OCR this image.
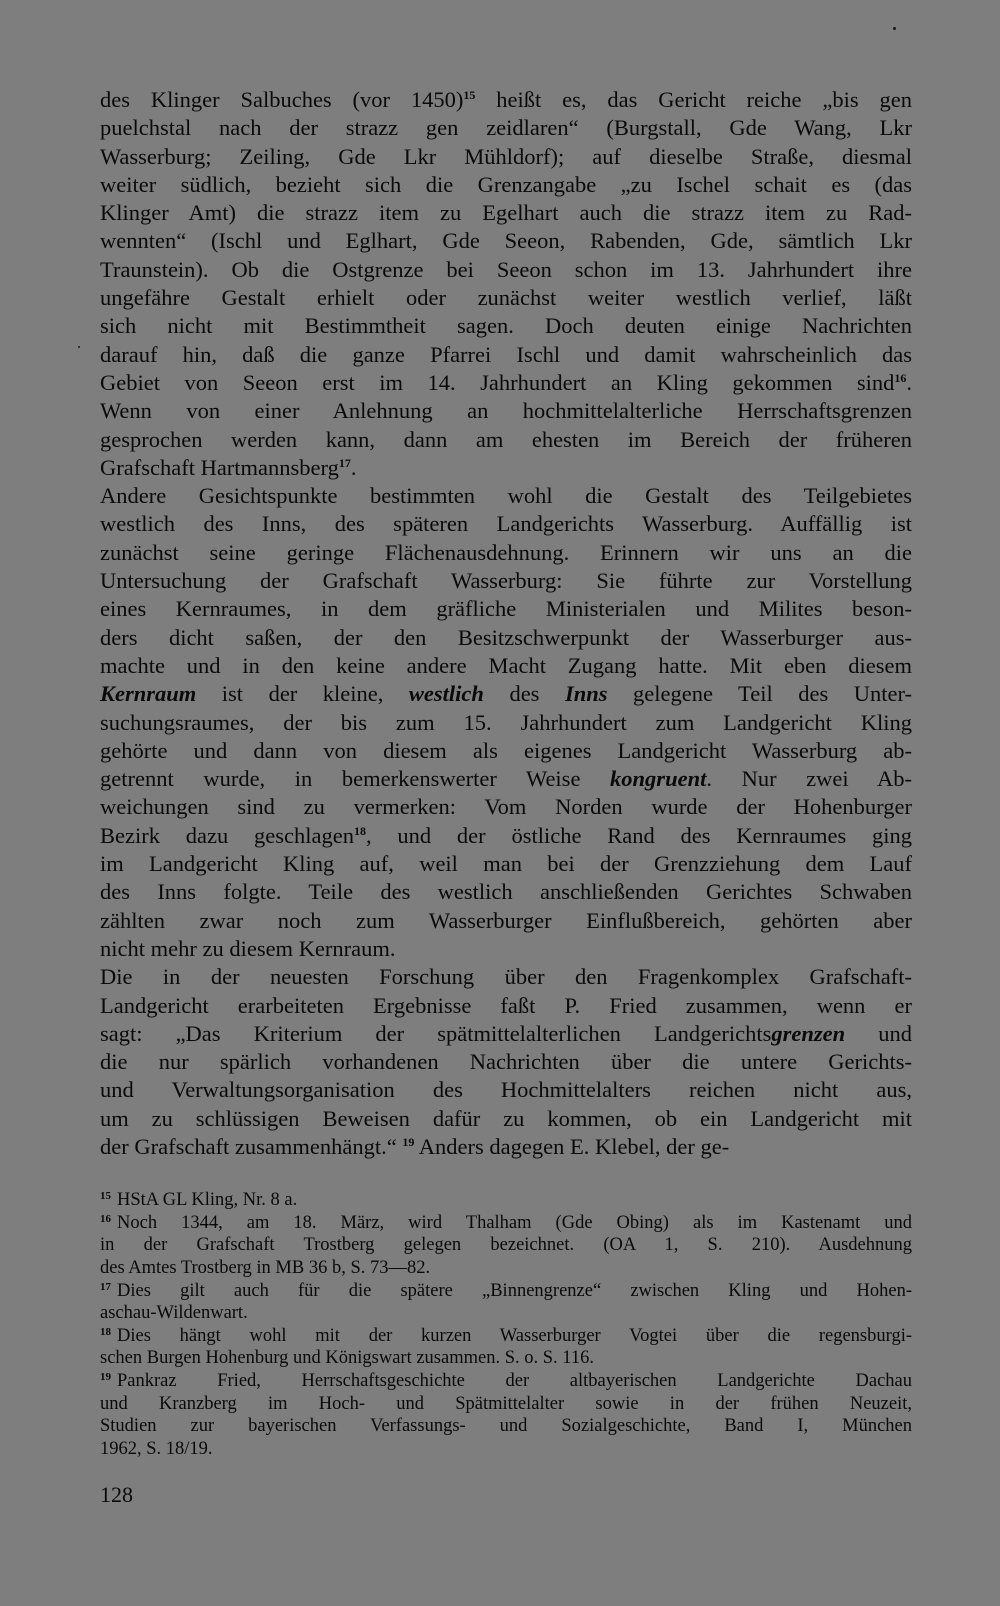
des Klinger Salbuches (vor 1450)$^{15}$ heißt es, das Gericht reiche „bis gen
puelchstal nach der strazz gen zeidlaren“ (Burgstall, Gde Wang, Lkr
Wasserburg; Zeiling, Gde Lkr Mühldorf); auf dieselbe Straße, diesmal
weiter südlich, bezieht sich die Grenzangabe „zu Ischel schait es (das
Klinger Amt) die strazz item zu Egelhart auch die strazz item zu Rad-
wennten“ (Ischl und Eglhart, Gde Seeon, Rabenden, Gde, sämtlich Lkr
Traunstein). Ob die Ostgrenze bei Seeon schon im 13. Jahrhundert ihre
ungefähre Gestalt erhielt oder zunächst weiter westlich verlief, läßt
sich nicht mit Bestimmtheit sagen. Doch deuten einige Nachrichten
darauf hin, daß die ganze Pfarrei Ischl und damit wahrscheinlich das
Gebiet von Seeon erst im 14. Jahrhundert an Kling gekommen sind$^{16}$.
Wenn von einer Anlehnung an hochmittelalterliche Herrschaftsgrenzen
gesprochen werden kann, dann am ehesten im Bereich der früheren
Grafschaft Hartmannsberg$^{17}$.
Andere Gesichtspunkte bestimmten wohl die Gestalt des Teilgebietes
westlich des Inns, des späteren Landgerichts Wasserburg. Auffällig ist
zunächst seine geringe Flächenausdehnung. Erinnern wir uns an die
Untersuchung der Grafschaft Wasserburg: Sie führte zur Vorstellung
eines Kernraumes, in dem gräfliche Ministerialen und Milites beson-
ders dicht saßen, der den Besitzschwerpunkt der Wasserburger aus-
machte und in den keine andere Macht Zugang hatte. Mit eben diesem
Kernraum ist der kleine, westlich des Inns gelegene Teil des Unter-
suchungsraumes, der bis zum 15. Jahrhundert zum Landgericht Kling
gehörte und dann von diesem als eigenes Landgericht Wasserburg ab-
getrennt wurde, in bemerkenswerter Weise kongruent. Nur zwei Ab-
weichungen sind zu vermerken: Vom Norden wurde der Hohenburger
Bezirk dazu geschlagen$^{18}$, und der östliche Rand des Kernraumes ging
im Landgericht Kling auf, weil man bei der Grenzziehung dem Lauf
des Inns folgte. Teile des westlich anschließenden Gerichtes Schwaben
zählten zwar noch zum Wasserburger Einflußbereich, gehörten aber
nicht mehr zu diesem Kernraum.
Die in der neuesten Forschung über den Fragenkomplex Grafschaft-
Landgericht erarbeiteten Ergebnisse faßt P. Fried zusammen, wenn er
sagt: „Das Kriterium der spätmittelalterlichen Landgerichtsgrenzen und
die nur spärlich vorhandenen Nachrichten über die untere Gerichts-
und Verwaltungsorganisation des Hochmittelalters reichen nicht aus,
um zu schlüssigen Beweisen dafür zu kommen, ob ein Landgericht mit
der Grafschaft zusammenhängt.“ $^{19}$ Anders dagegen E. Klebel, der ge-
$^{15}$ HStA GL Kling, Nr. 8 a.
$^{16}$ Noch 1344, am 18. März, wird Thalham (Gde Obing) als im Kastenamt und
in der Grafschaft Trostberg gelegen bezeichnet. (OA 1, S. 210). Ausdehnung
des Amtes Trostberg in MB 36 b, S. 73—82.
$^{17}$ Dies gilt auch für die spätere „Binnengrenze“ zwischen Kling und Hohen-
aschau-Wildenwart.
$^{18}$ Dies hängt wohl mit der kurzen Wasserburger Vogtei über die regensburgi-
schen Burgen Hohenburg und Königswart zusammen. S. o. S. 116.
$^{19}$ Pankraz Fried, Herrschaftsgeschichte der altbayerischen Landgerichte Dachau
und Kranzberg im Hoch- und Spätmittelalter sowie in der frühen Neuzeit,
Studien zur bayerischen Verfassungs- und Sozialgeschichte, Band I, München
1962, S. 18/19.
128
